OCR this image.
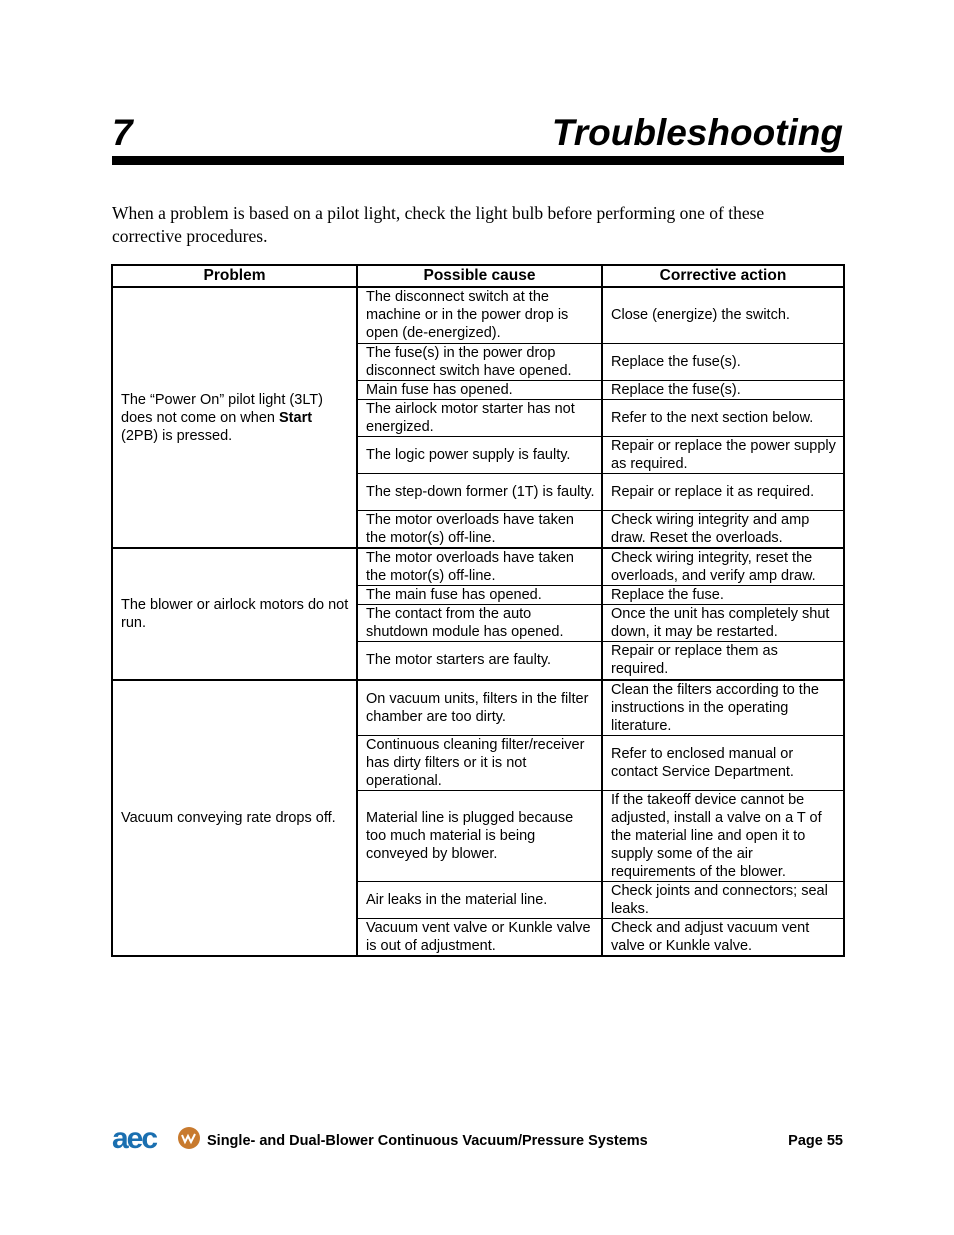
7	Troubleshooting
When a problem is based on a pilot light, check the light bulb before performing one of these corrective procedures.
Problem	Possible cause	Corrective action
The “Power On” pilot light (3LT) does not come on when Start (2PB) is pressed.	The disconnect switch at the machine or in the power drop is open (de-energized).	Close (energize) the switch.
	The fuse(s) in the power drop disconnect switch have opened.	Replace the fuse(s).
	Main fuse has opened.	Replace the fuse(s).
	The airlock motor starter has not energized.	Refer to the next section below.
	The logic power supply is faulty.	Repair or replace the power supply as required.
	The step-down former (1T) is faulty.	Repair or replace it as required.
	The motor overloads have taken the motor(s) off-line.	Check wiring integrity and amp draw. Reset the overloads.
The blower or airlock motors do not run.	The motor overloads have taken the motor(s) off-line.	Check wiring integrity, reset the overloads, and verify amp draw.
	The main fuse has opened.	Replace the fuse.
	The contact from the auto shutdown module has opened.	Once the unit has completely shut down, it may be restarted.
	The motor starters are faulty.	Repair or replace them as required.
Vacuum conveying rate drops off.	On vacuum units, filters in the filter chamber are too dirty.	Clean the filters according to the instructions in the operating literature.
	Continuous cleaning filter/receiver has dirty filters or it is not operational.	Refer to enclosed manual or contact Service Department.
	Material line is plugged because too much material is being conveyed by blower.	If the takeoff device cannot be adjusted, install a valve on a T of the material line and open it to supply some of the air requirements of the blower.
	Air leaks in the material line.	Check joints and connectors; seal leaks.
	Vacuum vent valve or Kunkle valve is out of adjustment.	Check and adjust vacuum vent valve or Kunkle valve.
aec	Single- and Dual-Blower Continuous Vacuum/Pressure Systems	Page 55
